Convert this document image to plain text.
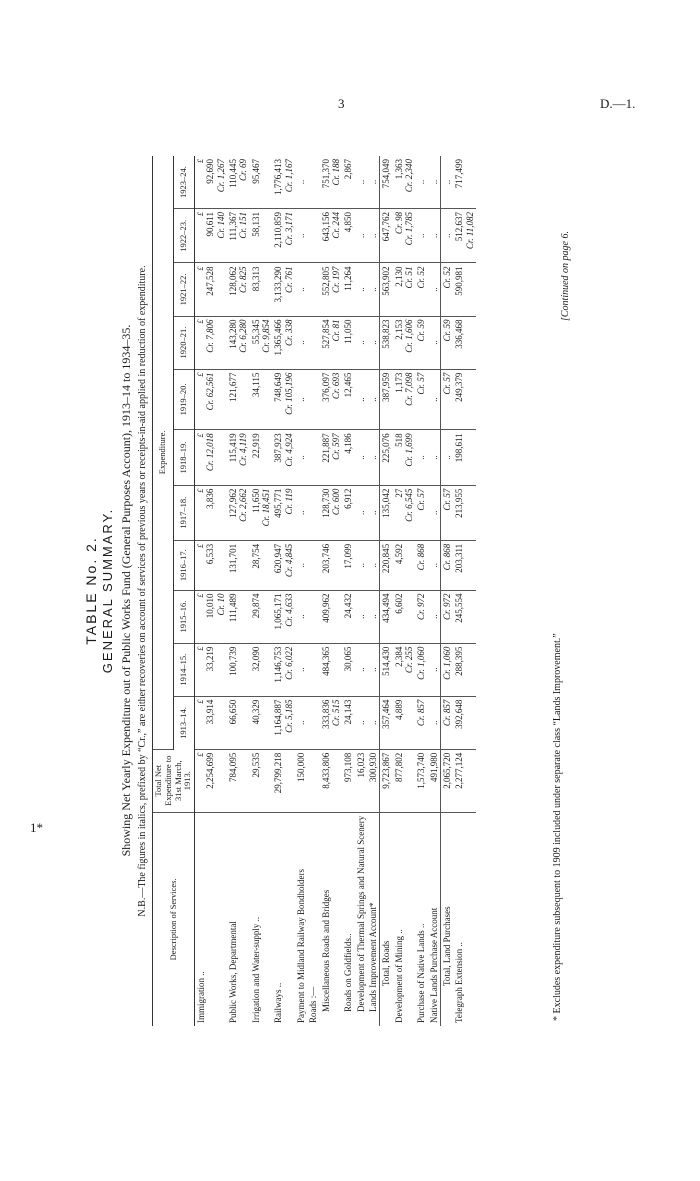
3	D.—1.
1*
TABLE No. 2. GENERAL SUMMARY. Showing Net Yearly Expenditure out of Public Works Fund (General Purposes Account), 1913–14 to 1934–35. N.B.—The figures in italics, prefixed by “Cr.,” are either recoveries on account of services of previous years or receipts-in-aid applied in reduction of expenditure.
Description of Services.	Total Net Expenditure to 31st March, 1913.	Expenditure.										
		1913–14.	1914–15.	1915–16.	1916–17.	1917–18.	1918–19.	1919–20.	1920–21.	1921–22.	1922–23.	1923–24.
Immigration ..	£ 2,254,699	£ 33,914	£ 33,219	£ 10,010 Cr. 10	£ 6,533	£ 3,836	£ Cr. 12,018	£ Cr. 62,561	£ Cr. 7,806	£ 247,528	£ 90,611 Cr. 140	£ 92,690 Cr. 1,267

Public Works, Departmental	784,095	66,650	100,739	111,489	131,701	127,962 Cr. 2,662	115,419 Cr. 4,119	121,677	143,280 Cr. 6,280	128,062 Cr. 825	111,367 Cr. 151	110,445 Cr. 69

Irrigation and Water-supply ..	29,535	40,329	32,090	29,874	28,754	11,650 Cr. 18,451	22,919	34,115	55,345 Cr. 9,854	83,313	58,131	95,467
Railways ..	29,799,218	1,164,887 Cr. 5,185	1,146,753 Cr. 6,022	1,065,171 Cr. 4,633	620,947 Cr. 4,845	495,771 Cr. 119	387,923 Cr. 4,924	748,649 Cr. 105,196	1,365,466 Cr. 338	3,133,290 Cr. 761	2,110,859 Cr. 3,171	1,776,413 Cr. 1,167

Payment to Midland Railway Bondholders	150,000	..	..	..	..	..	..	..	..	..	..	..
Roads :—												
Miscellaneous Roads and Bridges	8,433,806	333,836 Cr. 515	484,365	409,962	203,746	128,730 Cr. 600	221,887 Cr. 597	376,097 Cr. 693	527,854 Cr. 81	552,805 Cr. 197	643,156 Cr. 244	751,370 Cr. 188

Roads on Goldfields..	973,108	24,143	30,065	24,432	17,099	6,912	4,186	12,465	11,050	11,264	4,850	2,867
Development of Thermal Springs and Natural Scenery	16,023	..	..	..	..	..	..	..	..	..	..	..
Lands Improvement Account*	300,930	..	..	..	..	..	..	..	..	..	..	..
Total, Roads	9,723,867	357,464	514,430	434,494	220,845	135,042	225,076	387,959	538,823	563,902	647,762	754,049
Development of Mining ..	877,802	4,889	2,384 Cr. 255	6,602	4,592	27 Cr. 6,545	518 Cr. 1,699	1,173 Cr. 7,098	2,153 Cr. 1,606	2,130 Cr. 51	Cr. 98 Cr. 1,785	1,363 Cr. 2,340

Purchase of Native Lands ..	1,573,740	Cr. 857	Cr. 1,060	Cr. 972	Cr. 868	Cr. 57	..	Cr. 57	Cr. 59	Cr. 52	..	..
Native Lands Purchase Account	491,980	..	..	..	..	..	..	..	..	..	..	..
Total, Land Purchases	2,065,720	Cr. 857	Cr. 1,060	Cr. 972	Cr. 868	Cr. 57	..	Cr. 57	Cr. 59	Cr. 52	..	..
Telegraph Extension ..	2,277,124	392,648	288,395	245,554	203,311	213,955	198,611	249,379	336,468	590,981	512,637 Cr. 11,082	717,499
* Excludes expenditure subsequent to 1909 included under separate class “Lands Improvement.”
[Continued on page 6.
